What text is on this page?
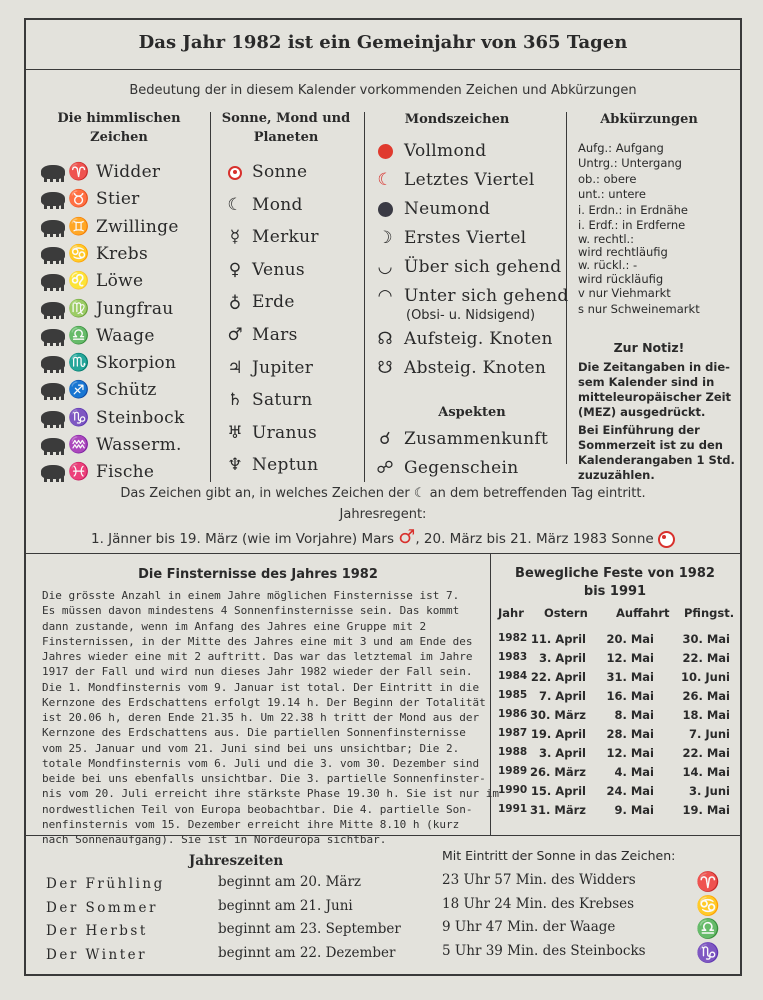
Das Jahr 1982 ist ein Gemeinjahr von 365 Tagen
Bedeutung der in diesem Kalender vorkommenden Zeichen und Abkürzungen
Die himmlischen Zeichen
Sonne, Mond und Planeten
Mondszeichen	Abkürzungen
♈ Widder
♉ Stier
♊ Zwillinge
♋ Krebs
♌ Löwe
♍ Jungfrau
♎ Waage
♏ Skorpion
♐ Schütz
♑ Steinbock
♒ Wasserm.
♓ Fische
Sonne
☾ Mond
☿ Merkur
♀ Venus
♁ Erde
♂ Mars
♃ Jupiter
♄ Saturn
♅ Uranus
♆ Neptun
Vollmond
☾ Letztes Viertel
Neumond
☽ Erstes Viertel
◡ Über sich gehend
◠ Unter sich gehend
☊ Aufsteig. Knoten
☋ Absteig. Knoten
(Obsi- u. Nidsigend)
Aspekten
☌ Zusammenkunft
☍ Gegenschein
Aufg.: Aufgang
Untrg.: Untergang
ob.: obere
unt.: untere
i. Erdn.: in Erdnähe
i. Erdf.: in Erdferne
w. rechtl.:
wird rechtläufig
w. rückl.: -
wird rückläufig
v nur Viehmarkt
s nur Schweinemarkt
Zur Notiz!
Die Zeitangaben in die-
sem Kalender sind in
mitteleuropäischer Zeit
(MEZ) ausgedrückt.
Bei Einführung der
Sommerzeit ist zu den
Kalenderangaben 1 Std.
zuzuzählen.
Das Zeichen gibt an, in welches Zeichen der ☾ an dem betreffenden Tag eintritt.
Jahresregent:
1. Jänner bis 19. März (wie im Vorjahre) Mars ♂, 20. März bis 21. März 1983 Sonne
Die Finsternisse des Jahres 1982
Die grösste Anzahl in einem Jahre möglichen Finsternisse ist 7.
Es müssen davon mindestens 4 Sonnenfinsternisse sein. Das kommt
dann zustande, wenn im Anfang des Jahres eine Gruppe mit 2
Finsternissen, in der Mitte des Jahres eine mit 3 und am Ende des
Jahres wieder eine mit 2 auftritt. Das war das letztemal im Jahre
1917 der Fall und wird nun dieses Jahr 1982 wieder der Fall sein.
Die 1. Mondfinsternis vom 9. Januar ist total. Der Eintritt in die
Kernzone des Erdschattens erfolgt 19.14 h. Der Beginn der Totalität
ist 20.06 h, deren Ende 21.35 h. Um 22.38 h tritt der Mond aus der
Kernzone des Erdschattens aus. Die partiellen Sonnenfinsternisse
vom 25. Januar und vom 21. Juni sind bei uns unsichtbar; Die 2.
totale Mondfinsternis vom 6. Juli und die 3. vom 30. Dezember sind
beide bei uns ebenfalls unsichtbar. Die 3. partielle Sonnenfinster-
nis vom 20. Juli erreicht ihre stärkste Phase 19.30 h. Sie ist nur im
nordwestlichen Teil von Europa beobachtbar. Die 4. partielle Son-
nenfinsternis vom 15. Dezember erreicht ihre Mitte 8.10 h (kurz
nach Sonnenaufgang). Sie ist in Nordeuropa sichtbar.
Bewegliche Feste von 1982
bis 1991
Jahr Ostern Auffahrt Pfingst.
1982 11. April 20. Mai 30. Mai
1983 3. April 12. Mai 22. Mai
1984 22. April 31. Mai 10. Juni
1985 7. April 16. Mai 26. Mai
1986 30. März 8. Mai 18. Mai
1987 19. April 28. Mai	7. Juni
1988 3. April 12. Mai 22. Mai
1989 26. März 4. Mai 14. Mai
1990 15. April 24. Mai	3. Juni
1991 31. März 9. Mai 19. Mai
Jahreszeiten	Mit Eintritt der Sonne in das Zeichen:
Der Frühling	beginnt am 20. März	23 Uhr 57 Min. des Widders	♈
Der Sommer	beginnt am 21. Juni	18 Uhr 24 Min. des Krebses	♋
Der Herbst	beginnt am 23. September	9 Uhr 47 Min. der Waage	♎
Der Winter	beginnt am 22. Dezember	5 Uhr 39 Min. des Steinbocks	♑
